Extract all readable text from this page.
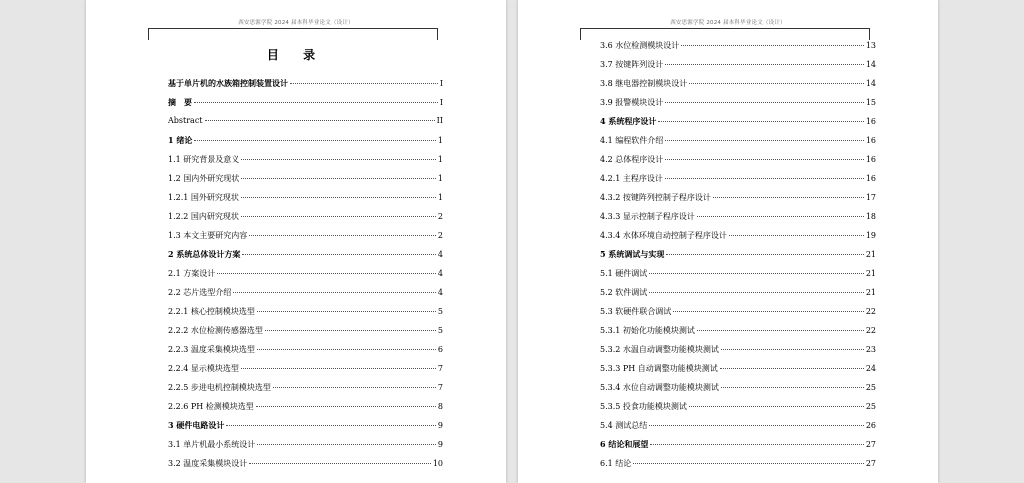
西安思源学院 2024 届本科毕业论文（设计）
目 录
基于单片机的水族箱控制装置设计	I
摘　要	I
Abstract	II
1 绪论	1
1.1 研究背景及意义	1
1.2 国内外研究现状	1
1.2.1 国外研究现状	1
1.2.2 国内研究现状	2
1.3 本文主要研究内容	2
2 系统总体设计方案	4
2.1 方案设计	4
2.2 芯片选型介绍	4
2.2.1 核心控制模块选型	5
2.2.2 水位检测传感器选型	5
2.2.3 温度采集模块选型	6
2.2.4 显示模块选型	7
2.2.5 步进电机控制模块选型	7
2.2.6 PH 检测模块选型	8
3 硬件电路设计	9
3.1 单片机最小系统设计	9
3.2 温度采集模块设计	10
西安思源学院 2024 届本科毕业论文（设计）
3.6 水位检测模块设计	13
3.7 按键阵列设计	14
3.8 继电器控制模块设计	14
3.9 报警模块设计	15
4 系统程序设计	16
4.1 编程软件介绍	16
4.2 总体程序设计	16
4.2.1 主程序设计	16
4.3.2 按键阵列控制子程序设计	17
4.3.3 显示控制子程序设计	18
4.3.4 水体环境自动控制子程序设计	19
5 系统调试与实现	21
5.1 硬件调试	21
5.2 软件调试	21
5.3 软硬件联合调试	22
5.3.1 初始化功能模块测试	22
5.3.2 水温自动调整功能模块测试	23
5.3.3 PH 自动调整功能模块测试	24
5.3.4 水位自动调整功能模块测试	25
5.3.5 投食功能模块测试	25
5.4 测试总结	26
6 结论和展望	27
6.1 结论	27
